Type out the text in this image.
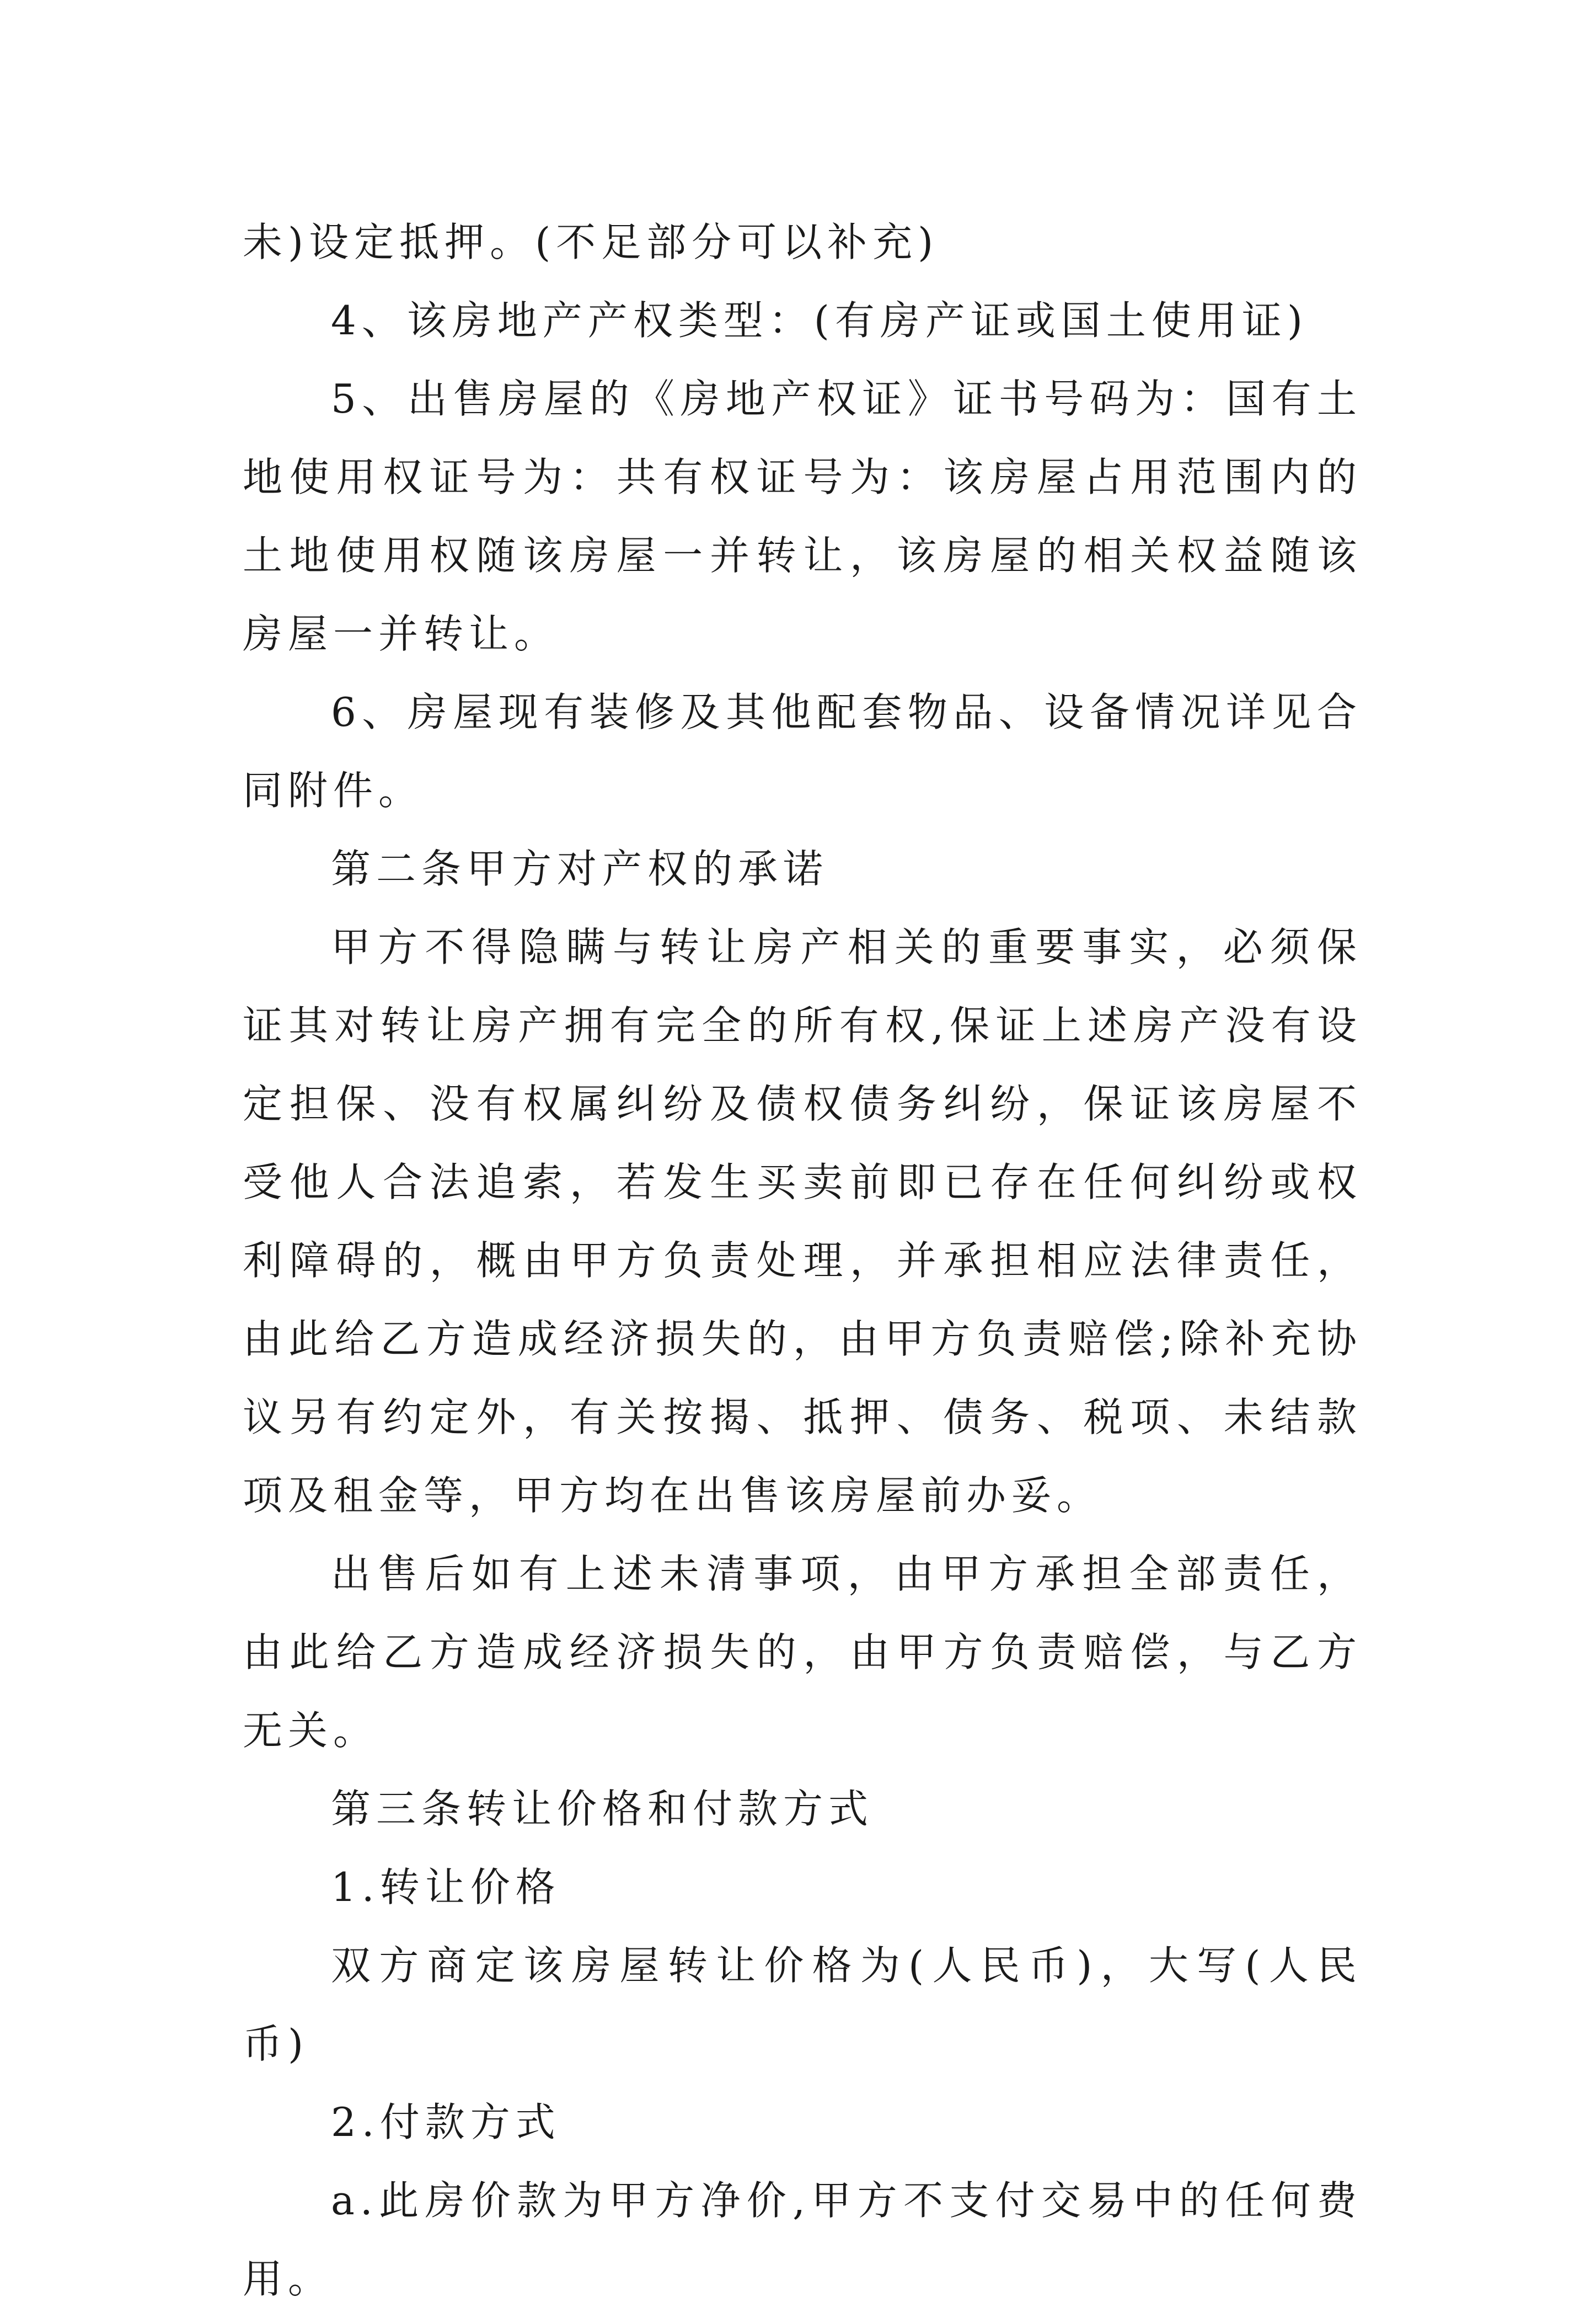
未)设定抵押。(不足部分可以补充)

4、该房地产产权类型：(有房产证或国土使用证)

5、出售房屋的《房地产权证》证书号码为：国有土地使用权证号为：共有权证号为：该房屋占用范围内的土地使用权随该房屋一并转让，该房屋的相关权益随该房屋一并转让。

6、房屋现有装修及其他配套物品、设备情况详见合同附件。

第二条甲方对产权的承诺

甲方不得隐瞒与转让房产相关的重要事实，必须保证其对转让房产拥有完全的所有权,保证上述房产没有设定担保、没有权属纠纷及债权债务纠纷，保证该房屋不受他人合法追索，若发生买卖前即已存在任何纠纷或权利障碍的，概由甲方负责处理，并承担相应法律责任，由此给乙方造成经济损失的，由甲方负责赔偿;除补充协议另有约定外，有关按揭、抵押、债务、税项、未结款项及租金等，甲方均在出售该房屋前办妥。

出售后如有上述未清事项，由甲方承担全部责任，由此给乙方造成经济损失的，由甲方负责赔偿，与乙方无关。

第三条转让价格和付款方式

1.转让价格

双方商定该房屋转让价格为(人民币)，大写(人民币)

2.付款方式

a.此房价款为甲方净价,甲方不支付交易中的任何费用。
